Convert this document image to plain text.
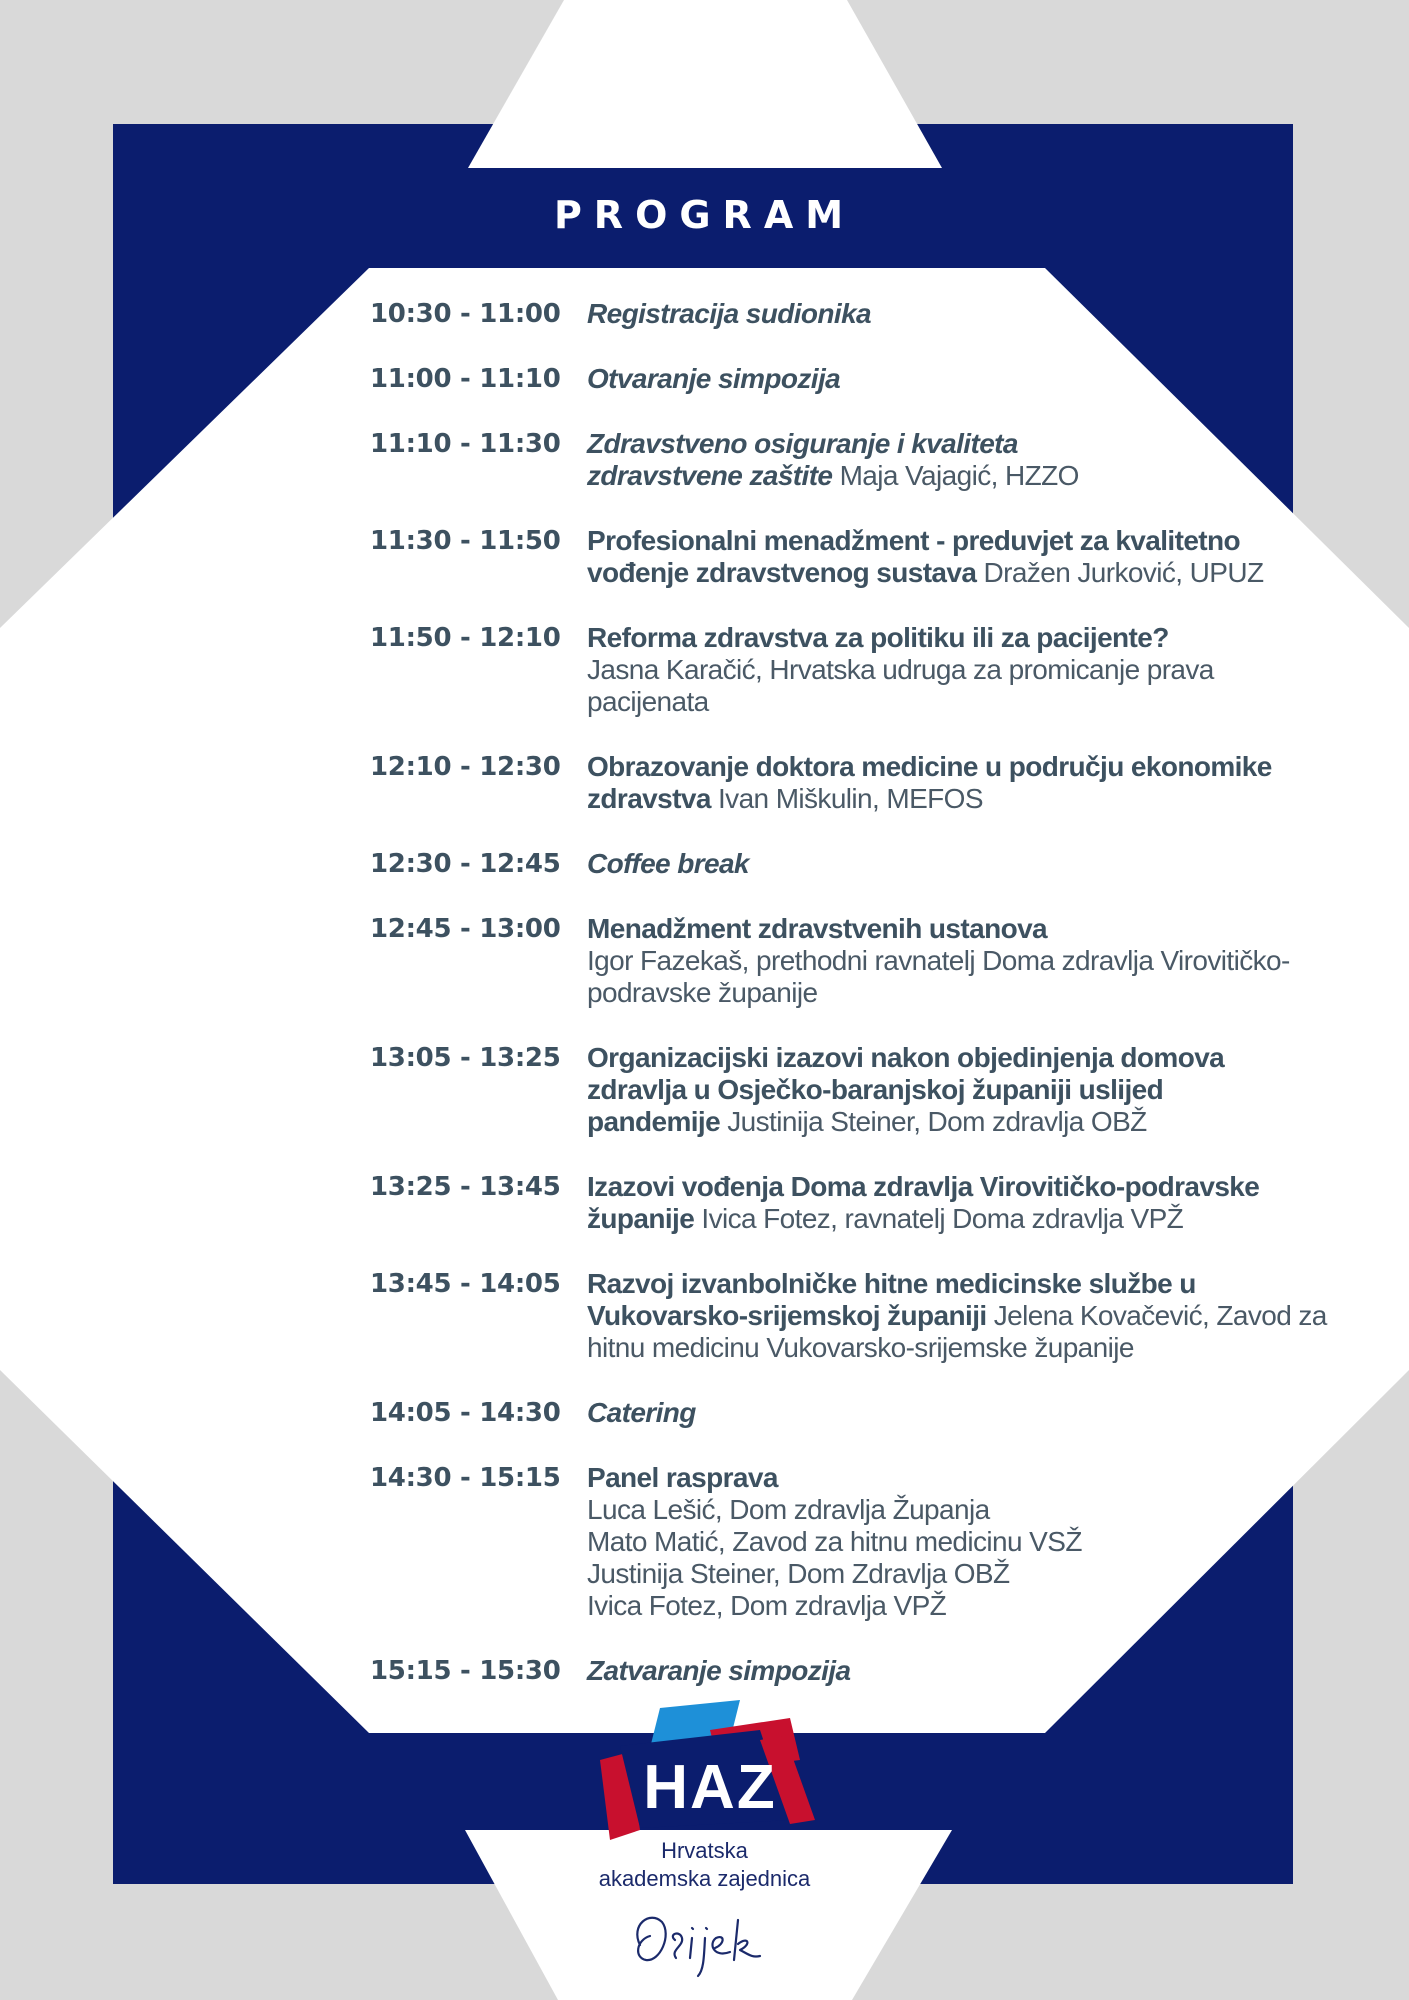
PROGRAM
10:30 - 11:00 Registracija sudionika
11:00 - 11:10 Otvaranje simpozija
11:10 - 11:30 Zdravstveno osiguranje i kvaliteta zdravstvene zaštite Maja Vajagić, HZZO
11:30 - 11:50 Profesionalni menadžment - preduvjet za kvalitetno vođenje zdravstvenog sustava Dražen Jurković, UPUZ
11:50 - 12:10 Reforma zdravstva za politiku ili za pacijente?
Jasna Karačić, Hrvatska udruga za promicanje prava pacijenata
12:10 - 12:30 Obrazovanje doktora medicine u području ekonomike zdravstva Ivan Miškulin, MEFOS
12:30 - 12:45 Coffee break
12:45 - 13:00 Menadžment zdravstvenih ustanova
Igor Fazekaš, prethodni ravnatelj Doma zdravlja Virovitičko-podravske županije
13:05 - 13:25 Organizacijski izazovi nakon objedinjenja domova zdravlja u Osječko-baranjskoj županiji uslijed pandemije Justinija Steiner, Dom zdravlja OBŽ
13:25 - 13:45 Izazovi vođenja Doma zdravlja Virovitičko-podravske županije Ivica Fotez, ravnatelj Doma zdravlja VPŽ
13:45 - 14:05 Razvoj izvanbolničke hitne medicinske službe u Vukovarsko-srijemskoj županiji Jelena Kovačević, Zavod za hitnu medicinu Vukovarsko-srijemske županije
14:05 - 14:30 Catering
14:30 - 15:15 Panel rasprava
Luca Lešić, Dom zdravlja Županja
Mato Matić, Zavod za hitnu medicinu VSŽ
Justinija Steiner, Dom Zdravlja OBŽ
Ivica Fotez, Dom zdravlja VPŽ
15:15 - 15:30 Zatvaranje simpozija
HAZ
Hrvatska
akademska zajednica
